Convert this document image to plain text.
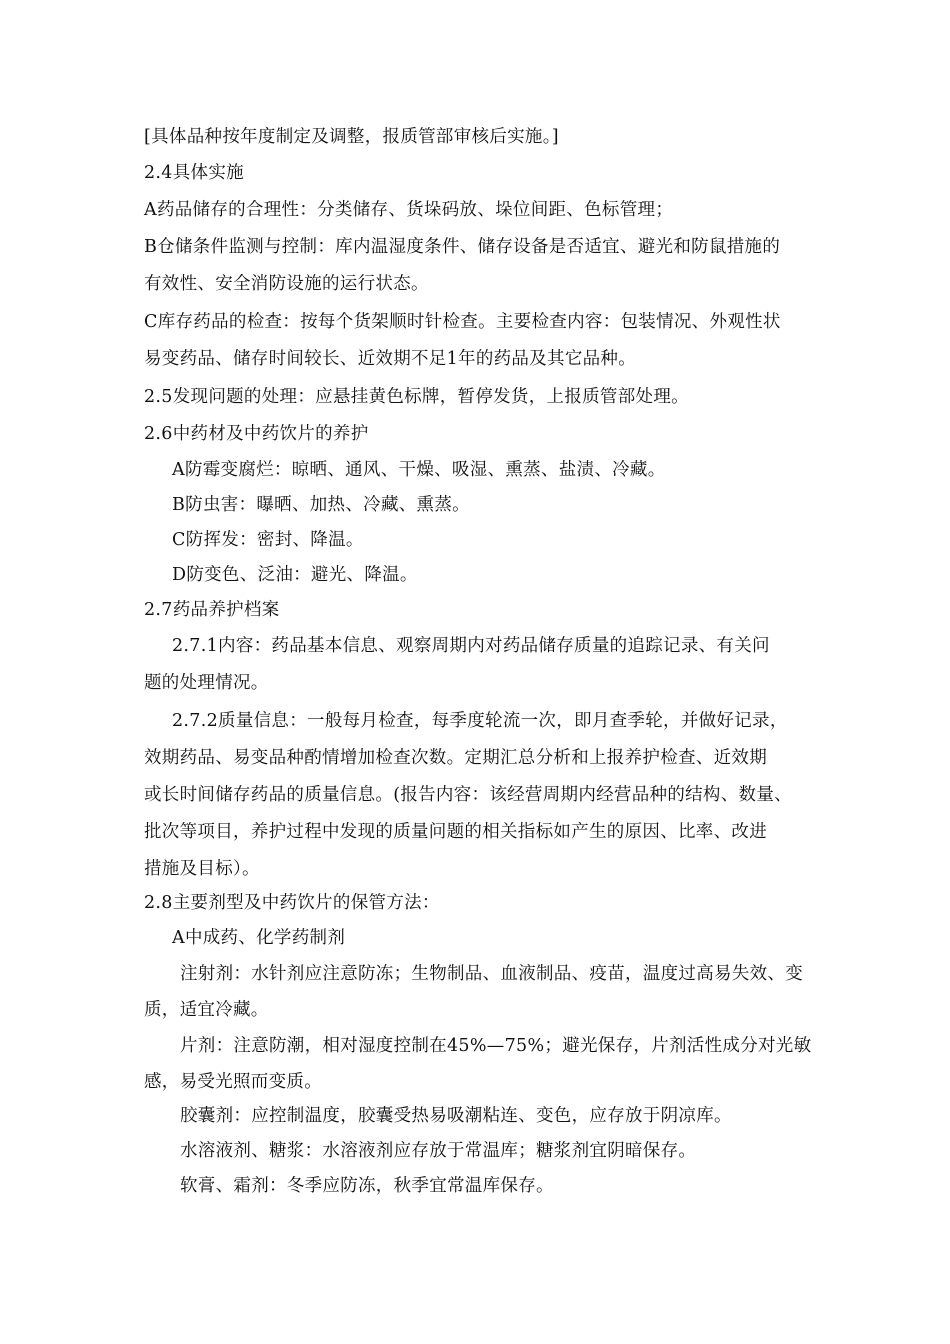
[具体品种按年度制定及调整，报质管部审核后实施。]
2.4具体实施
A药品储存的合理性：分类储存、货垛码放、垛位间距、色标管理；
B仓储条件监测与控制：库内温湿度条件、储存设备是否适宜、避光和防鼠措施的
有效性、安全消防设施的运行状态。
C库存药品的检查：按每个货架顺时针检查。主要检查内容：包装情况、外观性状
易变药品、储存时间较长、近效期不足1年的药品及其它品种。
2.5发现问题的处理：应悬挂黄色标牌，暂停发货，上报质管部处理。
2.6中药材及中药饮片的养护
A防霉变腐烂：晾晒、通风、干燥、吸湿、熏蒸、盐渍、冷藏。
B防虫害：曝晒、加热、冷藏、熏蒸。
C防挥发：密封、降温。
D防变色、泛油：避光、降温。
2.7药品养护档案
2.7.1内容：药品基本信息、观察周期内对药品储存质量的追踪记录、有关问
题的处理情况。
2.7.2质量信息：一般每月检查，每季度轮流一次，即月查季轮，并做好记录，
效期药品、易变品种酌情增加检查次数。定期汇总分析和上报养护检查、近效期
或长时间储存药品的质量信息。(报告内容：该经营周期内经营品种的结构、数量、
批次等项目，养护过程中发现的质量问题的相关指标如产生的原因、比率、改进
措施及目标）。
2.8主要剂型及中药饮片的保管方法：
A中成药、化学药制剂
注射剂：水针剂应注意防冻；生物制品、血液制品、疫苗，温度过高易失效、变
质，适宜冷藏。
片剂：注意防潮，相对湿度控制在45%—75%；避光保存，片剂活性成分对光敏
感，易受光照而变质。
胶囊剂：应控制温度，胶囊受热易吸潮粘连、变色，应存放于阴凉库。
水溶液剂、糖浆：水溶液剂应存放于常温库；糖浆剂宜阴暗保存。
软膏、霜剂：冬季应防冻，秋季宜常温库保存。
